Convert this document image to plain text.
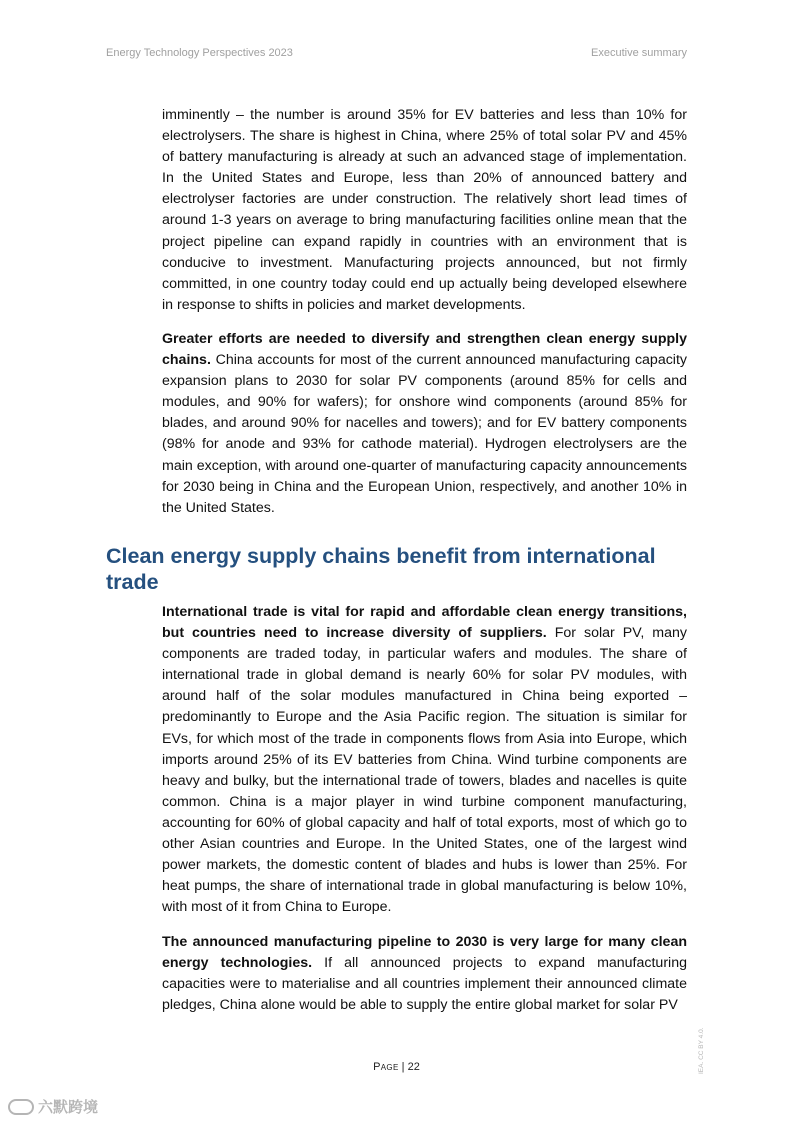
Energy Technology Perspectives 2023	Executive summary

imminently – the number is around 35% for EV batteries and less than 10% for electrolysers. The share is highest in China, where 25% of total solar PV and 45% of battery manufacturing is already at such an advanced stage of implementation. In the United States and Europe, less than 20% of announced battery and electrolyser factories are under construction. The relatively short lead times of around 1-3 years on average to bring manufacturing facilities online mean that the project pipeline can expand rapidly in countries with an environment that is conducive to investment. Manufacturing projects announced, but not firmly committed, in one country today could end up actually being developed elsewhere in response to shifts in policies and market developments.

Greater efforts are needed to diversify and strengthen clean energy supply chains. China accounts for most of the current announced manufacturing capacity expansion plans to 2030 for solar PV components (around 85% for cells and modules, and 90% for wafers); for onshore wind components (around 85% for blades, and around 90% for nacelles and towers); and for EV battery components (98% for anode and 93% for cathode material). Hydrogen electrolysers are the main exception, with around one-quarter of manufacturing capacity announcements for 2030 being in China and the European Union, respectively, and another 10% in the United States.

Clean energy supply chains benefit from international trade

International trade is vital for rapid and affordable clean energy transitions, but countries need to increase diversity of suppliers. For solar PV, many components are traded today, in particular wafers and modules. The share of international trade in global demand is nearly 60% for solar PV modules, with around half of the solar modules manufactured in China being exported – predominantly to Europe and the Asia Pacific region. The situation is similar for EVs, for which most of the trade in components flows from Asia into Europe, which imports around 25% of its EV batteries from China. Wind turbine components are heavy and bulky, but the international trade of towers, blades and nacelles is quite common. China is a major player in wind turbine component manufacturing, accounting for 60% of global capacity and half of total exports, most of which go to other Asian countries and Europe. In the United States, one of the largest wind power markets, the domestic content of blades and hubs is lower than 25%. For heat pumps, the share of international trade in global manufacturing is below 10%, with most of it from China to Europe.

The announced manufacturing pipeline to 2030 is very large for many clean energy technologies. If all announced projects to expand manufacturing capacities were to materialise and all countries implement their announced climate pledges, China alone would be able to supply the entire global market for solar PV

Page | 22	IEA. CC BY 4.0.
六默跨境
